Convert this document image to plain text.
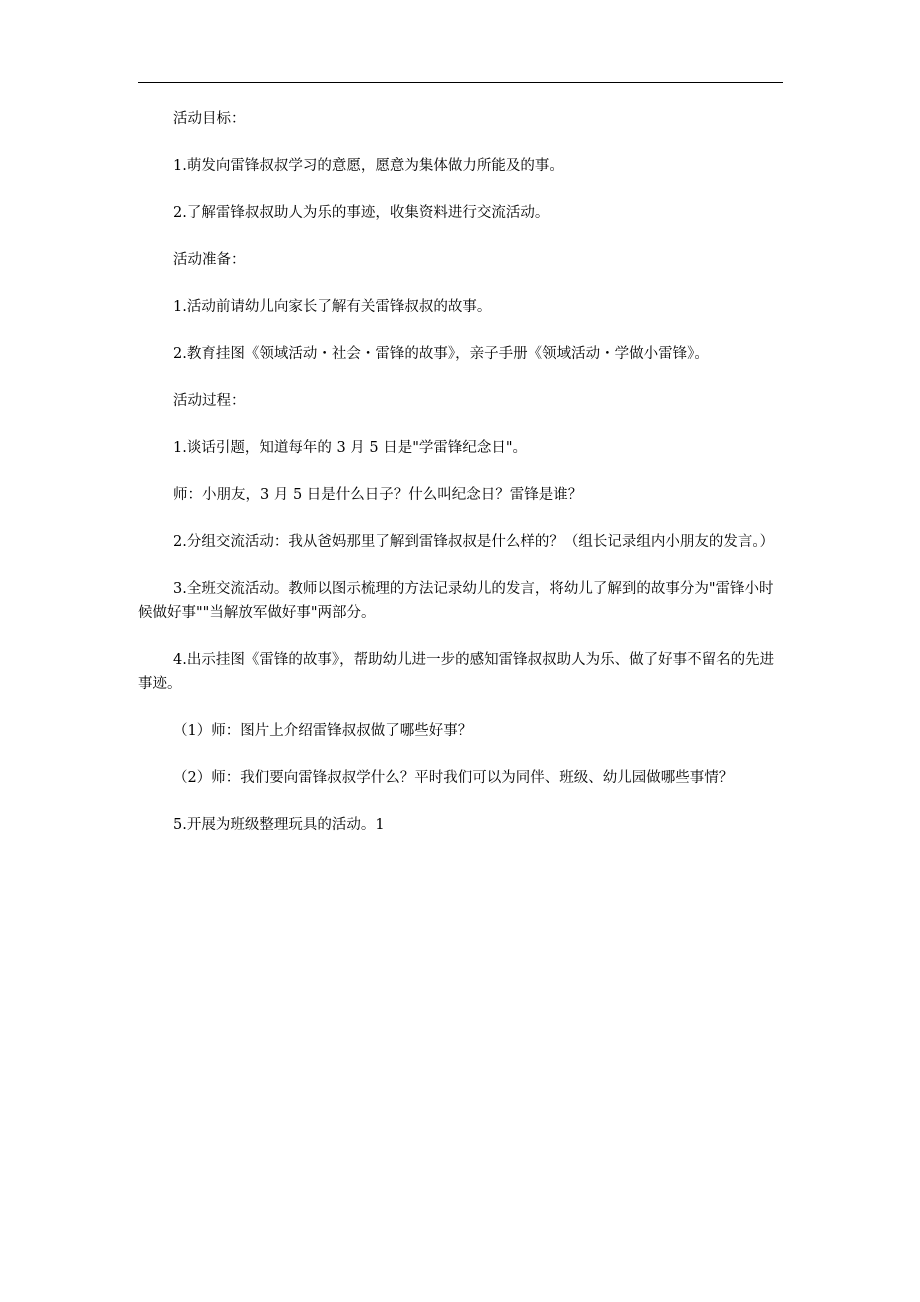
活动目标：

1.萌发向雷锋叔叔学习的意愿，愿意为集体做力所能及的事。

2.了解雷锋叔叔助人为乐的事迹，收集资料进行交流活动。

活动准备：

1.活动前请幼儿向家长了解有关雷锋叔叔的故事。

2.教育挂图《领域活动・社会・雷锋的故事》，亲子手册《领域活动・学做小雷锋》。

活动过程：

1.谈话引题，知道每年的 3 月 5 日是"学雷锋纪念日"。

师：小朋友，3 月 5 日是什么日子？什么叫纪念日？雷锋是谁？

2.分组交流活动：我从爸妈那里了解到雷锋叔叔是什么样的？（组长记录组内小朋友的发言。）

3.全班交流活动。教师以图示梳理的方法记录幼儿的发言，将幼儿了解到的故事分为"雷锋小时候做好事""当解放军做好事"两部分。

4.出示挂图《雷锋的故事》，帮助幼儿进一步的感知雷锋叔叔助人为乐、做了好事不留名的先进事迹。

（1）师：图片上介绍雷锋叔叔做了哪些好事？

（2）师：我们要向雷锋叔叔学什么？平时我们可以为同伴、班级、幼儿园做哪些事情？

5.开展为班级整理玩具的活动。1
